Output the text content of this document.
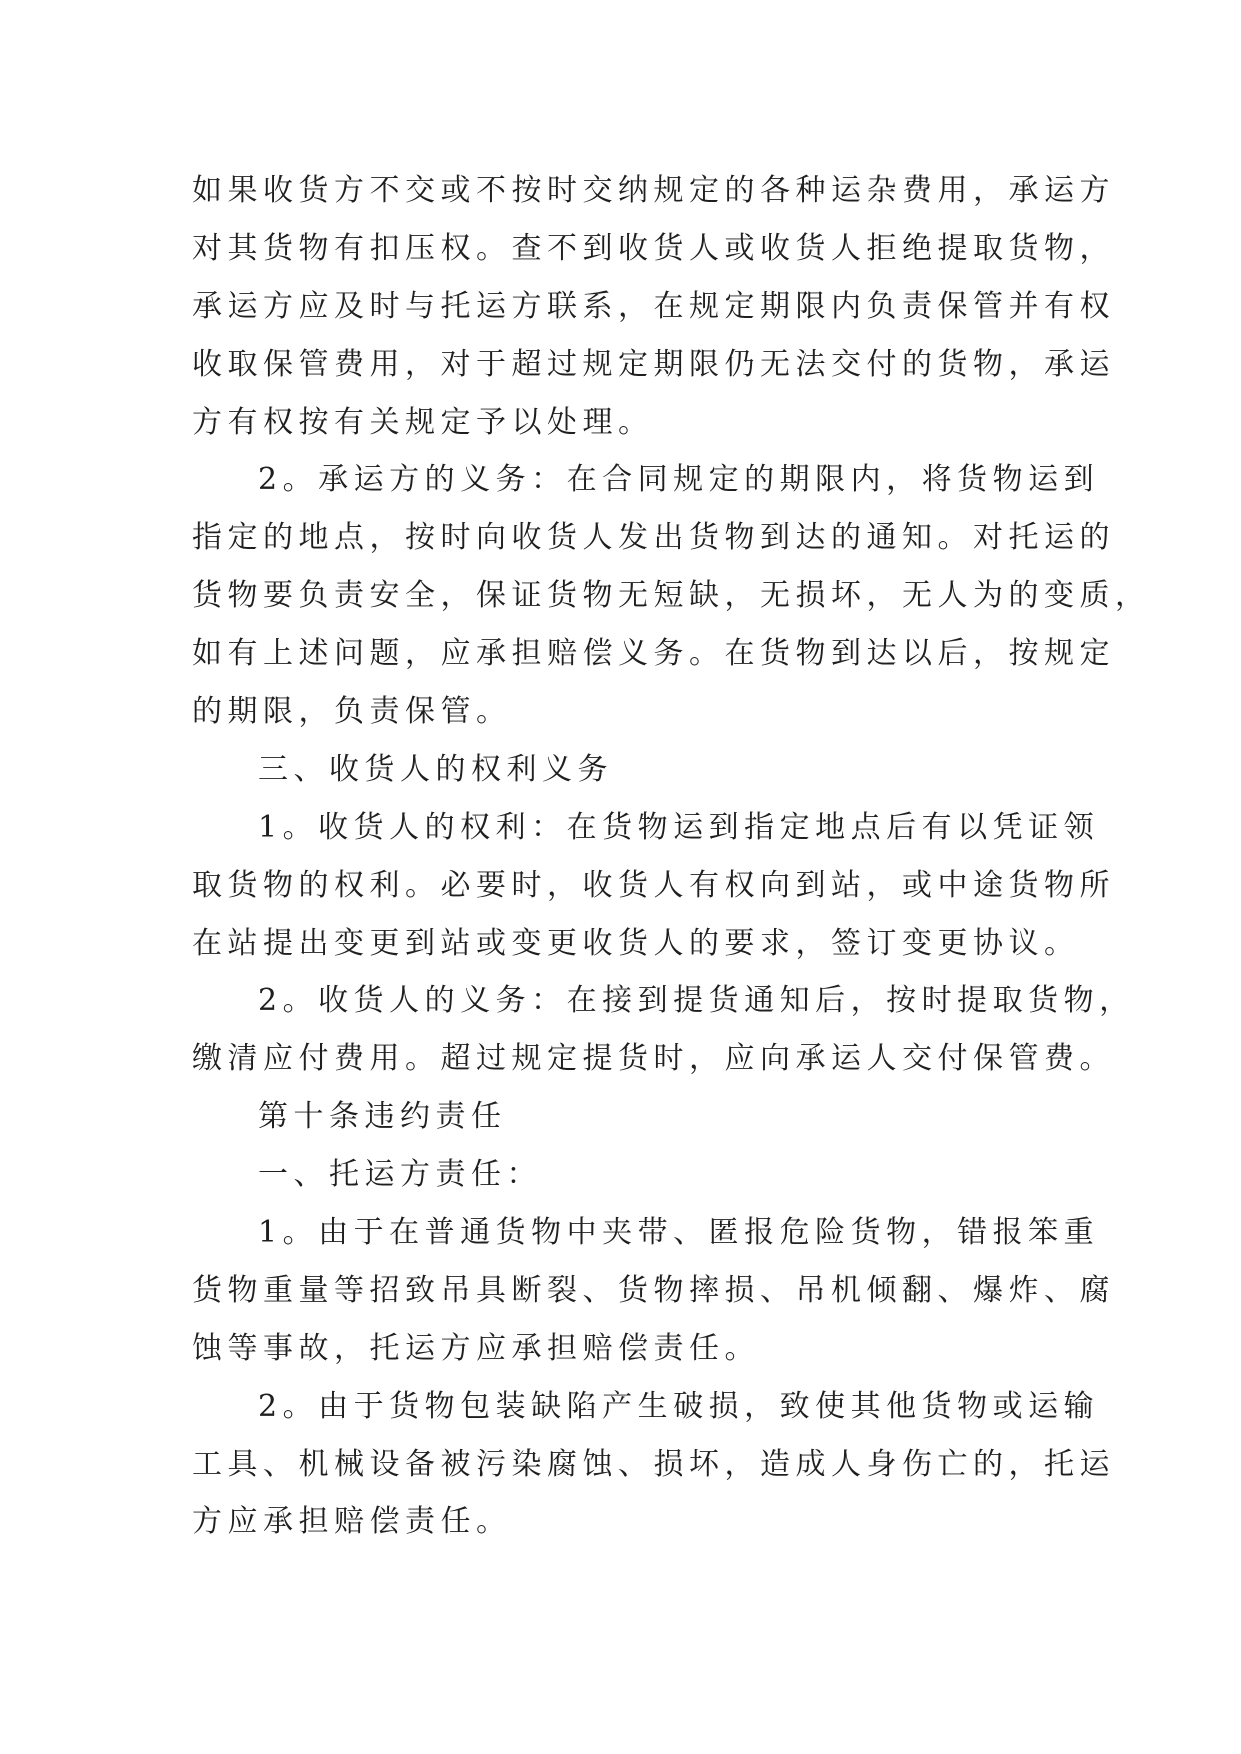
如果收货方不交或不按时交纳规定的各种运杂费用，承运方
对其货物有扣压权。查不到收货人或收货人拒绝提取货物，
承运方应及时与托运方联系，在规定期限内负责保管并有权
收取保管费用，对于超过规定期限仍无法交付的货物，承运
方有权按有关规定予以处理。
2。承运方的义务：在合同规定的期限内，将货物运到
指定的地点，按时向收货人发出货物到达的通知。对托运的
货物要负责安全，保证货物无短缺，无损坏，无人为的变质，
如有上述问题，应承担赔偿义务。在货物到达以后，按规定
的期限，负责保管。
三、收货人的权利义务
1。收货人的权利：在货物运到指定地点后有以凭证领
取货物的权利。必要时，收货人有权向到站，或中途货物所
在站提出变更到站或变更收货人的要求，签订变更协议。
2。收货人的义务：在接到提货通知后，按时提取货物，
缴清应付费用。超过规定提货时，应向承运人交付保管费。
第十条违约责任
一、托运方责任：
1。由于在普通货物中夹带、匿报危险货物，错报笨重
货物重量等招致吊具断裂、货物摔损、吊机倾翻、爆炸、腐
蚀等事故，托运方应承担赔偿责任。
2。由于货物包装缺陷产生破损，致使其他货物或运输
工具、机械设备被污染腐蚀、损坏，造成人身伤亡的，托运
方应承担赔偿责任。
